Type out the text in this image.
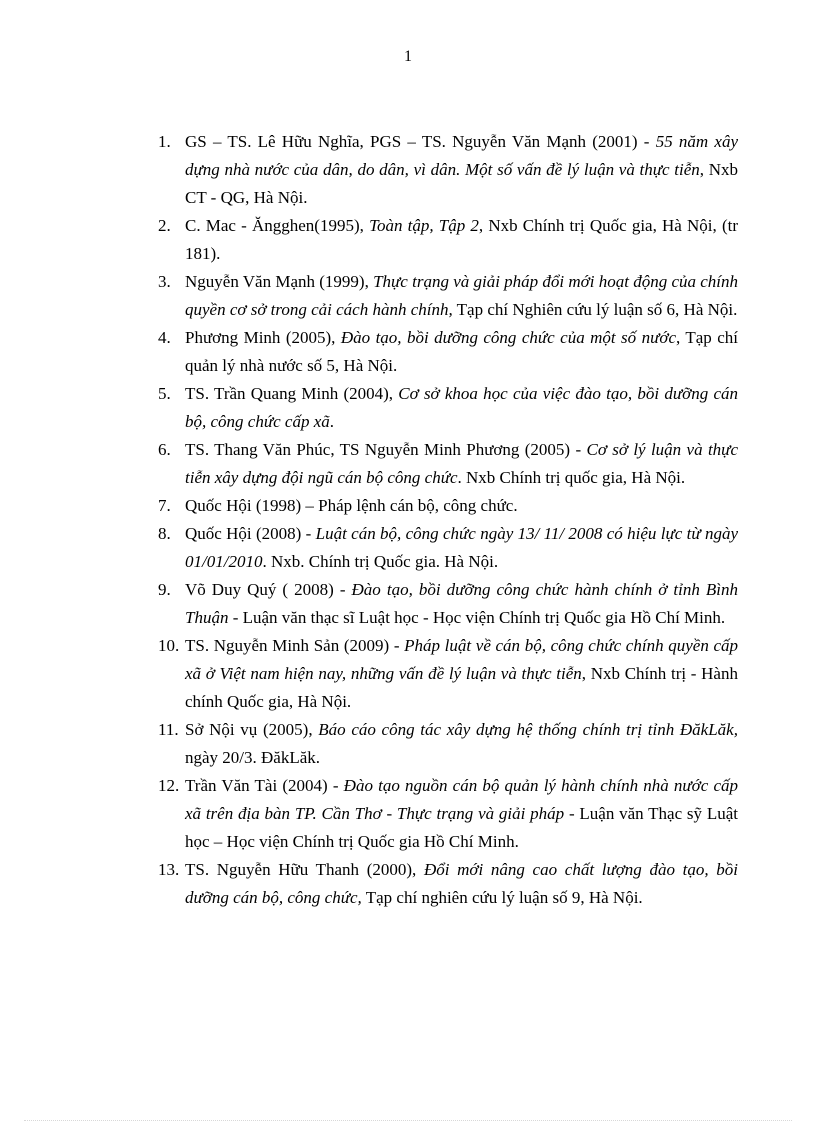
1
1. GS – TS. Lê Hữu Nghĩa, PGS – TS. Nguyễn Văn Mạnh (2001) - 55 năm xây dựng nhà nước của dân, do dân, vì dân. Một số vấn đề lý luận và thực tiễn, Nxb CT - QG, Hà Nội.
2. C. Mac - Ăngghen(1995), Toàn tập, Tập 2, Nxb Chính trị Quốc gia, Hà Nội, (tr 181).
3. Nguyễn Văn Mạnh (1999), Thực trạng và giải pháp đổi mới hoạt động của chính quyền cơ sở trong cải cách hành chính, Tạp chí Nghiên cứu lý luận số 6, Hà Nội.
4. Phương Minh (2005), Đào tạo, bồi dưỡng công chức của một số nước, Tạp chí quản lý nhà nước số 5, Hà Nội.
5. TS. Trần Quang Minh (2004), Cơ sở khoa học của việc đào tạo, bồi dưỡng cán bộ, công chức cấp xã.
6. TS. Thang Văn Phúc, TS Nguyễn Minh Phương (2005) - Cơ sở lý luận và thực tiễn xây dựng đội ngũ cán bộ công chức. Nxb Chính trị quốc gia, Hà Nội.
7. Quốc Hội (1998) – Pháp lệnh cán bộ, công chức.
8. Quốc Hội (2008) - Luật cán bộ, công chức ngày 13/ 11/ 2008 có hiệu lực từ ngày 01/01/2010. Nxb. Chính trị Quốc gia. Hà Nội.
9. Võ Duy Quý ( 2008) - Đào tạo, bồi dưỡng công chức hành chính ở tỉnh Bình Thuận - Luận văn thạc sĩ Luật học - Học viện Chính trị Quốc gia Hồ Chí Minh.
10. TS. Nguyễn Minh Sản (2009) - Pháp luật về cán bộ, công chức chính quyền cấp xã ở Việt nam hiện nay, những vấn đề lý luận và thực tiễn, Nxb Chính trị - Hành chính Quốc gia, Hà Nội.
11. Sở Nội vụ (2005), Báo cáo công tác xây dựng hệ thống chính trị tỉnh ĐăkLăk, ngày 20/3. ĐăkLăk.
12. Trần Văn Tài (2004) - Đào tạo nguồn cán bộ quản lý hành chính nhà nước cấp xã trên địa bàn TP. Cần Thơ - Thực trạng và giải pháp - Luận văn Thạc sỹ Luật học – Học viện Chính trị Quốc gia Hồ Chí Minh.
13. TS. Nguyễn Hữu Thanh (2000), Đổi mới nâng cao chất lượng đào tạo, bồi dưỡng cán bộ, công chức, Tạp chí nghiên cứu lý luận số 9, Hà Nội.
